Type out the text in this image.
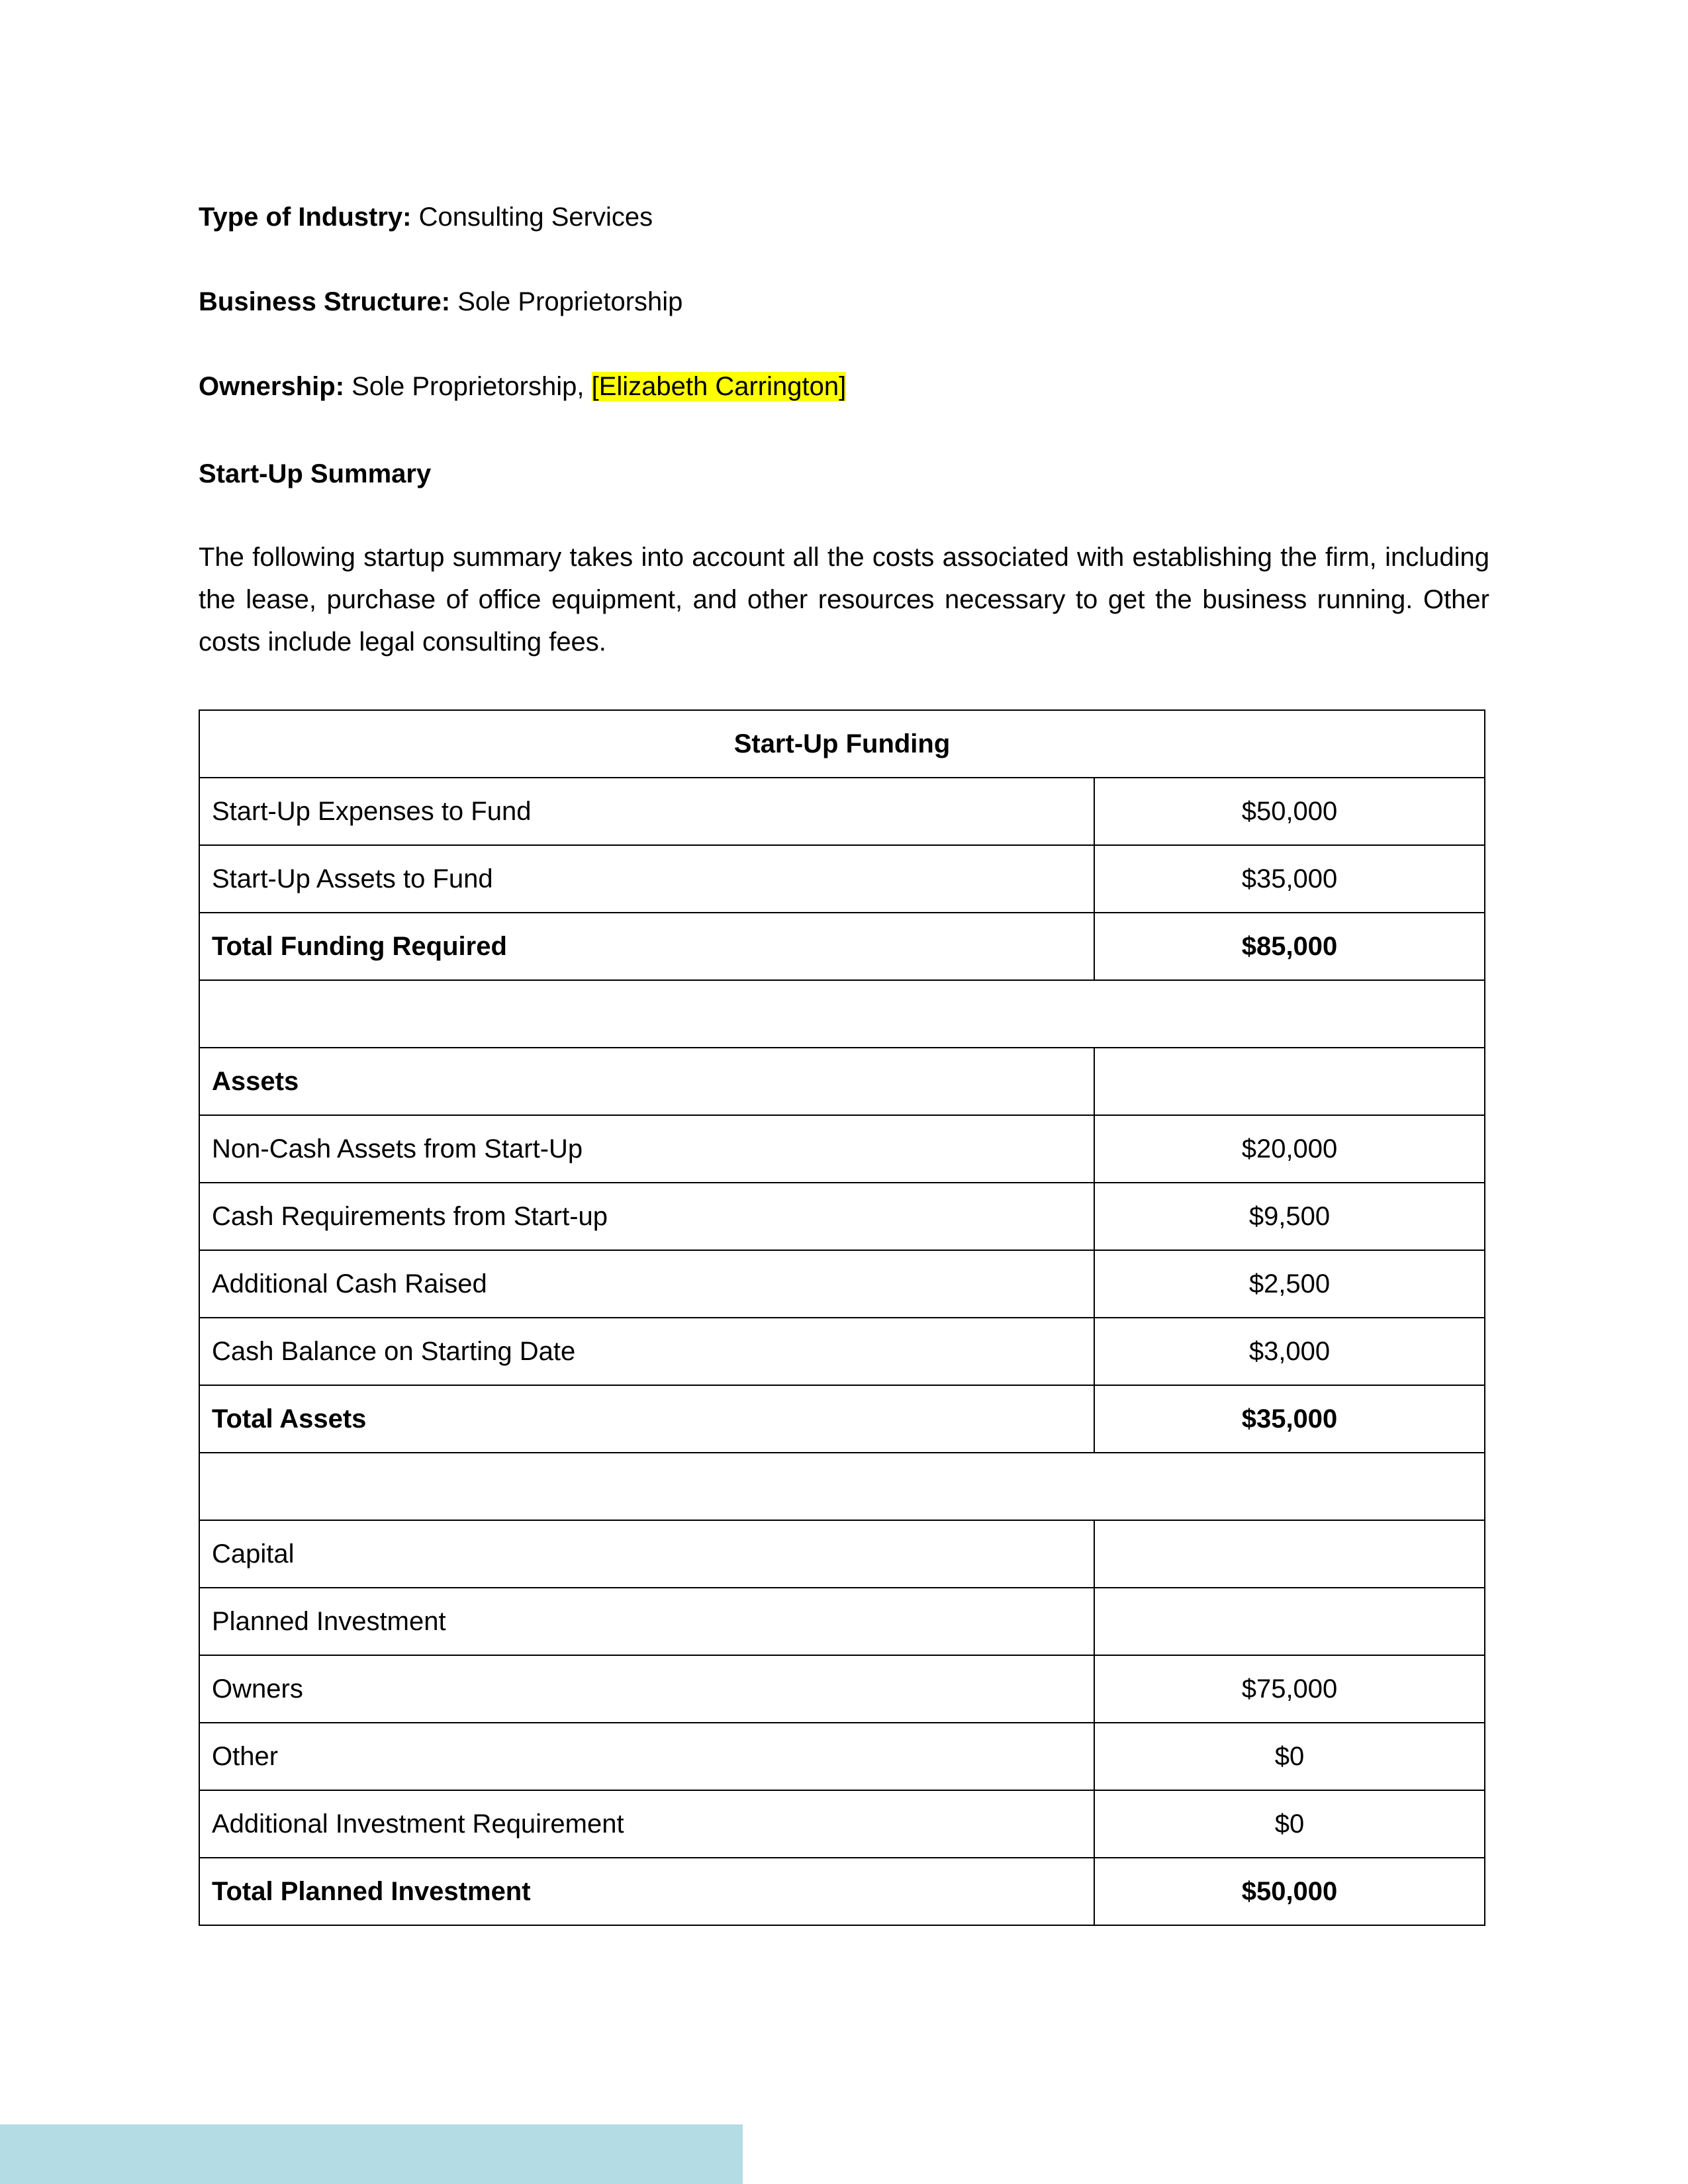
Type of Industry: Consulting Services
Business Structure: Sole Proprietorship
Ownership: Sole Proprietorship, [Elizabeth Carrington]
Start-Up Summary

The following startup summary takes into account all the costs associated with establishing the firm, including the lease, purchase of office equipment, and other resources necessary to get the business running. Other costs include legal consulting fees.

Start-Up Funding	
Start-Up Expenses to Fund	$50,000
Start-Up Assets to Fund	$35,000
Total Funding Required	$85,000

Assets	
Non-Cash Assets from Start-Up	$20,000
Cash Requirements from Start-up	$9,500
Additional Cash Raised	$2,500
Cash Balance on Starting Date	$3,000
Total Assets	$35,000

Capital	
Planned Investment	
Owners	$75,000
Other	$0
Additional Investment Requirement	$0
Total Planned Investment	$50,000
